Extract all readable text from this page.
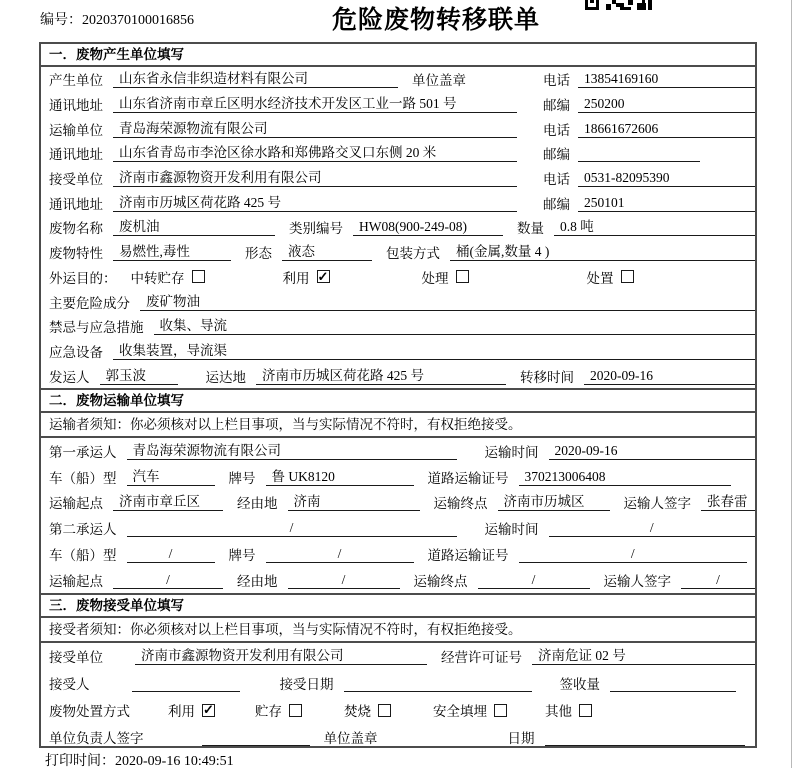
编号：2020370100016856	危险废物转移联单
一．废物产生单位填写
产生单位	山东省永信非织造材料有限公司	单位盖章	电话	13854169160
通讯地址	山东省济南市章丘区明水经济技术开发区工业一路 501 号	邮编	250200
运输单位	青岛海荣源物流有限公司	电话	18661672606
通讯地址	山东省青岛市李沧区徐水路和郑佛路交叉口东侧 20 米	邮编
接受单位	济南市鑫源物资开发利用有限公司	电话	0531-82095390
通讯地址	济南市历城区荷花路 425 号	邮编	250101
废物名称	废机油	类别编号	HW08(900-249-08)	数量	0.8 吨
废物特性	易燃性,毒性	形态	液态	包装方式	桶(金属,数量 4 )
外运目的： 中转贮存	利用 ✓	处理	处置
主要危险成分	废矿物油
禁忌与应急措施	收集、导流
应急设备	收集装置，导流渠
发运人	郭玉波	运达地	济南市历城区荷花路 425 号	转移时间	2020-09-16
二．废物运输单位填写
运输者须知：你必须核对以上栏目事项，当与实际情况不符时，有权拒绝接受。
第一承运人	青岛海荣源物流有限公司	运输时间	2020-09-16
车（船）型	汽车	牌号	鲁 UK8120	道路运输证号	370213006408
运输起点	济南市章丘区	经由地	济南	运输终点	济南市历城区	运输人签字	张春雷
第二承运人	/	运输时间	/
车（船）型	/	牌号	/	道路运输证号	/
运输起点	/	经由地	/	运输终点	/	运输人签字	/
三．废物接受单位填写
接受者须知：你必须核对以上栏目事项，当与实际情况不符时，有权拒绝接受。
接受单位	济南市鑫源物资开发利用有限公司	经营许可证号	济南危证 02 号
接受人	接受日期	签收量
废物处置方式	利用 ✓	贮存	焚烧	安全填埋	其他
单位负责人签字	单位盖章	日期
打印时间：2020-09-16 10:49:51
